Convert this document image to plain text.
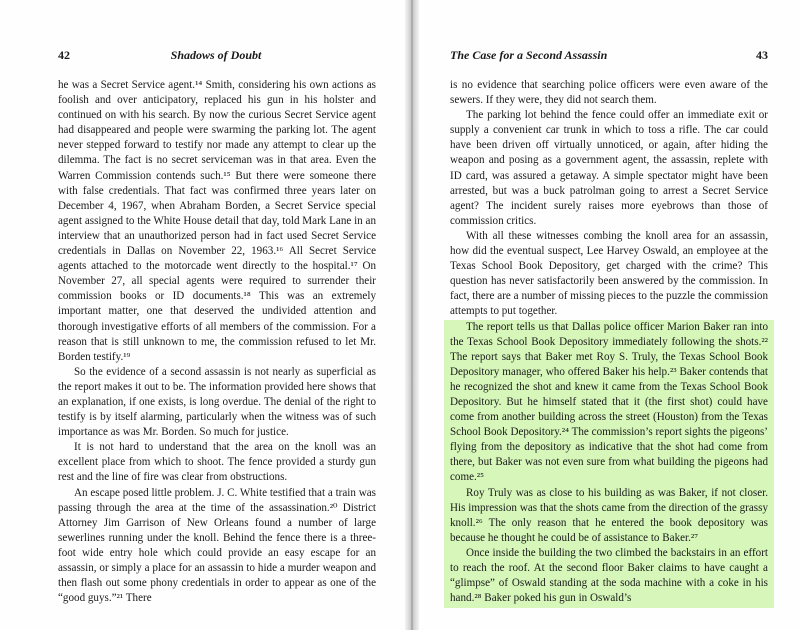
42	Shadows of Doubt

he was a Secret Service agent.¹⁴ Smith, considering his own actions as foolish and over anticipatory, replaced his gun in his holster and continued on with his search. By now the curious Secret Service agent had disappeared and people were swarming the parking lot. The agent never stepped forward to testify nor made any attempt to clear up the dilemma. The fact is no secret serviceman was in that area. Even the Warren Commission contends such.¹⁵ But there were someone there with false credentials. That fact was confirmed three years later on December 4, 1967, when Abraham Borden, a Secret Service special agent assigned to the White House detail that day, told Mark Lane in an interview that an unauthorized person had in fact used Secret Service credentials in Dallas on November 22, 1963.¹⁶ All Secret Service agents attached to the motorcade went directly to the hospital.¹⁷ On November 27, all special agents were required to surrender their commission books or ID documents.¹⁸ This was an extremely important matter, one that deserved the undivided attention and thorough investigative efforts of all members of the commission. For a reason that is still unknown to me, the commission refused to let Mr. Borden testify.¹⁹

So the evidence of a second assassin is not nearly as superficial as the report makes it out to be. The information provided here shows that an explanation, if one exists, is long overdue. The denial of the right to testify is by itself alarming, particularly when the witness was of such importance as was Mr. Borden. So much for justice.

It is not hard to understand that the area on the knoll was an excellent place from which to shoot. The fence provided a sturdy gun rest and the line of fire was clear from obstructions.

An escape posed little problem. J. C. White testified that a train was passing through the area at the time of the assassination.²⁰ District Attorney Jim Garrison of New Orleans found a number of large sewerlines running under the knoll. Behind the fence there is a three-foot wide entry hole which could provide an easy escape for an assassin, or simply a place for an assassin to hide a murder weapon and then flash out some phony credentials in order to appear as one of the “good guys.”²¹ There

The Case for a Second Assassin	43

is no evidence that searching police officers were even aware of the sewers. If they were, they did not search them.

The parking lot behind the fence could offer an immediate exit or supply a convenient car trunk in which to toss a rifle. The car could have been driven off virtually unnoticed, or again, after hiding the weapon and posing as a government agent, the assassin, replete with ID card, was assured a getaway. A simple spectator might have been arrested, but was a buck patrolman going to arrest a Secret Service agent? The incident surely raises more eyebrows than those of commission critics.

With all these witnesses combing the knoll area for an assassin, how did the eventual suspect, Lee Harvey Oswald, an employee at the Texas School Book Depository, get charged with the crime? This question has never satisfactorily been answered by the commission. In fact, there are a number of missing pieces to the puzzle the commission attempts to put together.

The report tells us that Dallas police officer Marion Baker ran into the Texas School Book Depository immediately following the shots.²² The report says that Baker met Roy S. Truly, the Texas School Book Depository manager, who offered Baker his help.²³ Baker contends that he recognized the shot and knew it came from the Texas School Book Depository. But he himself stated that it (the first shot) could have come from another building across the street (Houston) from the Texas School Book Depository.²⁴ The commission’s report sights the pigeons’ flying from the depository as indicative that the shot had come from there, but Baker was not even sure from what building the pigeons had come.²⁵

Roy Truly was as close to his building as was Baker, if not closer. His impression was that the shots came from the direction of the grassy knoll.²⁶ The only reason that he entered the book depository was because he thought he could be of assistance to Baker.²⁷

Once inside the building the two climbed the backstairs in an effort to reach the roof. At the second floor Baker claims to have caught a “glimpse” of Oswald standing at the soda machine with a coke in his hand.²⁸ Baker poked his gun in Oswald’s
